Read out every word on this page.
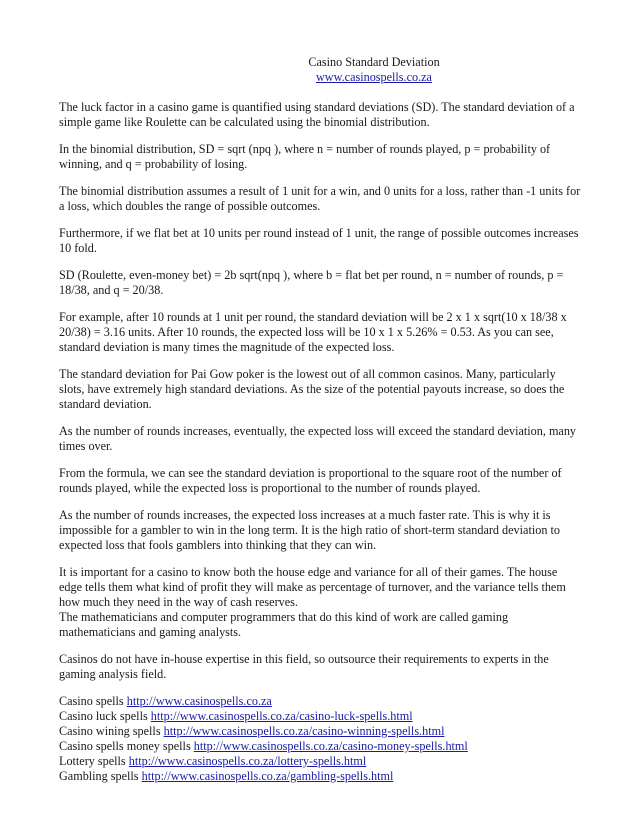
Casino Standard Deviation
www.casinospells.co.za

The luck factor in a casino game is quantified using standard deviations (SD). The standard deviation of a simple game like Roulette can be calculated using the binomial distribution.

In the binomial distribution, SD = sqrt (npq ), where n = number of rounds played, p = probability of winning, and q = probability of losing.

The binomial distribution assumes a result of 1 unit for a win, and 0 units for a loss, rather than -1 units for a loss, which doubles the range of possible outcomes.

Furthermore, if we flat bet at 10 units per round instead of 1 unit, the range of possible outcomes increases 10 fold.

SD (Roulette, even-money bet) = 2b sqrt(npq ), where b = flat bet per round, n = number of rounds, p = 18/38, and q = 20/38.

For example, after 10 rounds at 1 unit per round, the standard deviation will be 2 x 1 x sqrt(10 x 18/38 x 20/38) = 3.16 units. After 10 rounds, the expected loss will be 10 x 1 x 5.26% = 0.53. As you can see, standard deviation is many times the magnitude of the expected loss.

The standard deviation for Pai Gow poker is the lowest out of all common casinos. Many, particularly slots, have extremely high standard deviations. As the size of the potential payouts increase, so does the standard deviation.

As the number of rounds increases, eventually, the expected loss will exceed the standard deviation, many times over.

From the formula, we can see the standard deviation is proportional to the square root of the number of rounds played, while the expected loss is proportional to the number of rounds played.

As the number of rounds increases, the expected loss increases at a much faster rate. This is why it is impossible for a gambler to win in the long term. It is the high ratio of short-term standard deviation to expected loss that fools gamblers into thinking that they can win.

It is important for a casino to know both the house edge and variance for all of their games. The house edge tells them what kind of profit they will make as percentage of turnover, and the variance tells them how much they need in the way of cash reserves.

The mathematicians and computer programmers that do this kind of work are called gaming mathematicians and gaming analysts.

Casinos do not have in-house expertise in this field, so outsource their requirements to experts in the gaming analysis field.

Casino spells http://www.casinospells.co.za
Casino luck spells http://www.casinospells.co.za/casino-luck-spells.html
Casino wining spells http://www.casinospells.co.za/casino-winning-spells.html
Casino spells money spells http://www.casinospells.co.za/casino-money-spells.html
Lottery spells http://www.casinospells.co.za/lottery-spells.html
Gambling spells http://www.casinospells.co.za/gambling-spells.html
